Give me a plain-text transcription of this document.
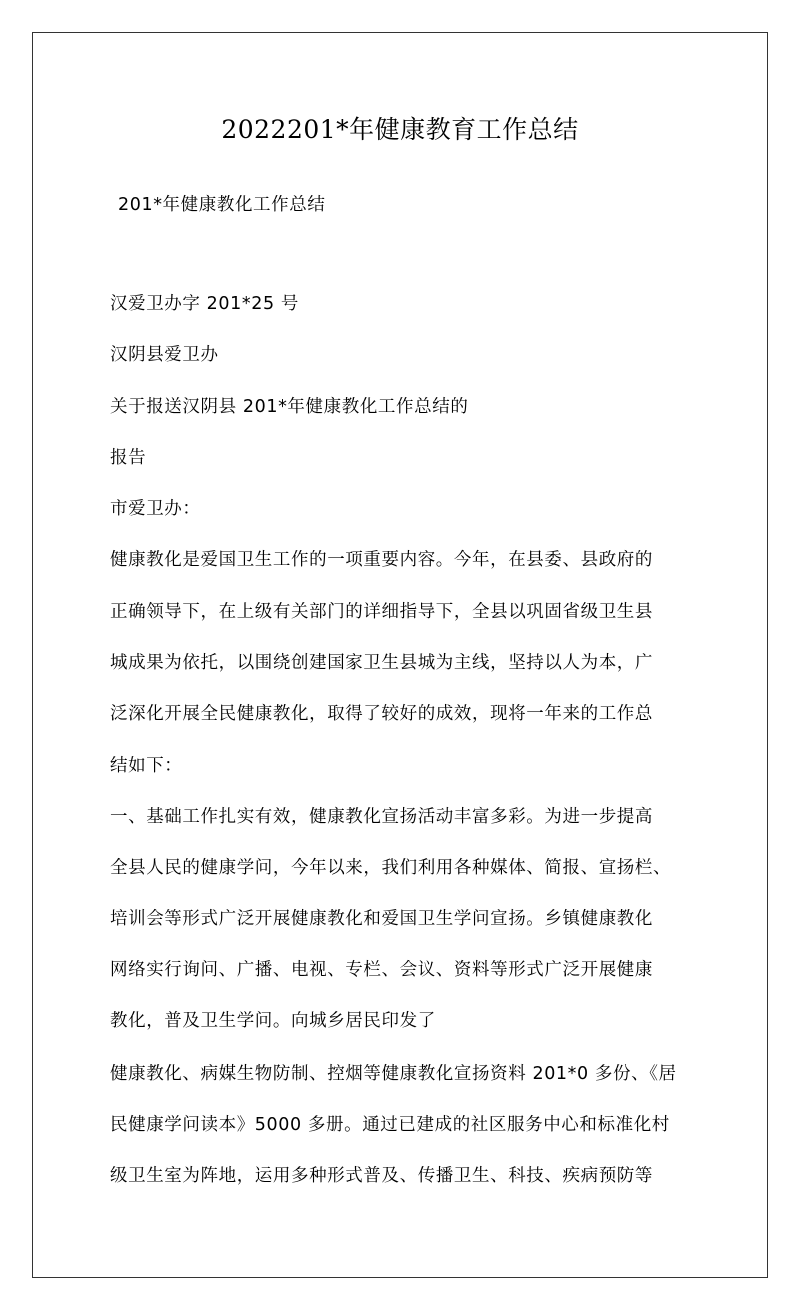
2022201*年健康教育工作总结
201*年健康教化工作总结
汉爱卫办字 201*25 号
汉阴县爱卫办
关于报送汉阴县 201*年健康教化工作总结的
报告
市爱卫办：
健康教化是爱国卫生工作的一项重要内容。今年，在县委、县政府的
正确领导下，在上级有关部门的详细指导下，全县以巩固省级卫生县
城成果为依托，以围绕创建国家卫生县城为主线，坚持以人为本，广
泛深化开展全民健康教化，取得了较好的成效，现将一年来的工作总
结如下：
一、基础工作扎实有效，健康教化宣扬活动丰富多彩。为进一步提高
全县人民的健康学问，今年以来，我们利用各种媒体、简报、宣扬栏、
培训会等形式广泛开展健康教化和爱国卫生学问宣扬。乡镇健康教化
网络实行询问、广播、电视、专栏、会议、资料等形式广泛开展健康
教化，普及卫生学问。向城乡居民印发了
健康教化、病媒生物防制、控烟等健康教化宣扬资料 201*0 多份、《居
民健康学问读本》5000 多册。通过已建成的社区服务中心和标准化村
级卫生室为阵地，运用多种形式普及、传播卫生、科技、疾病预防等
